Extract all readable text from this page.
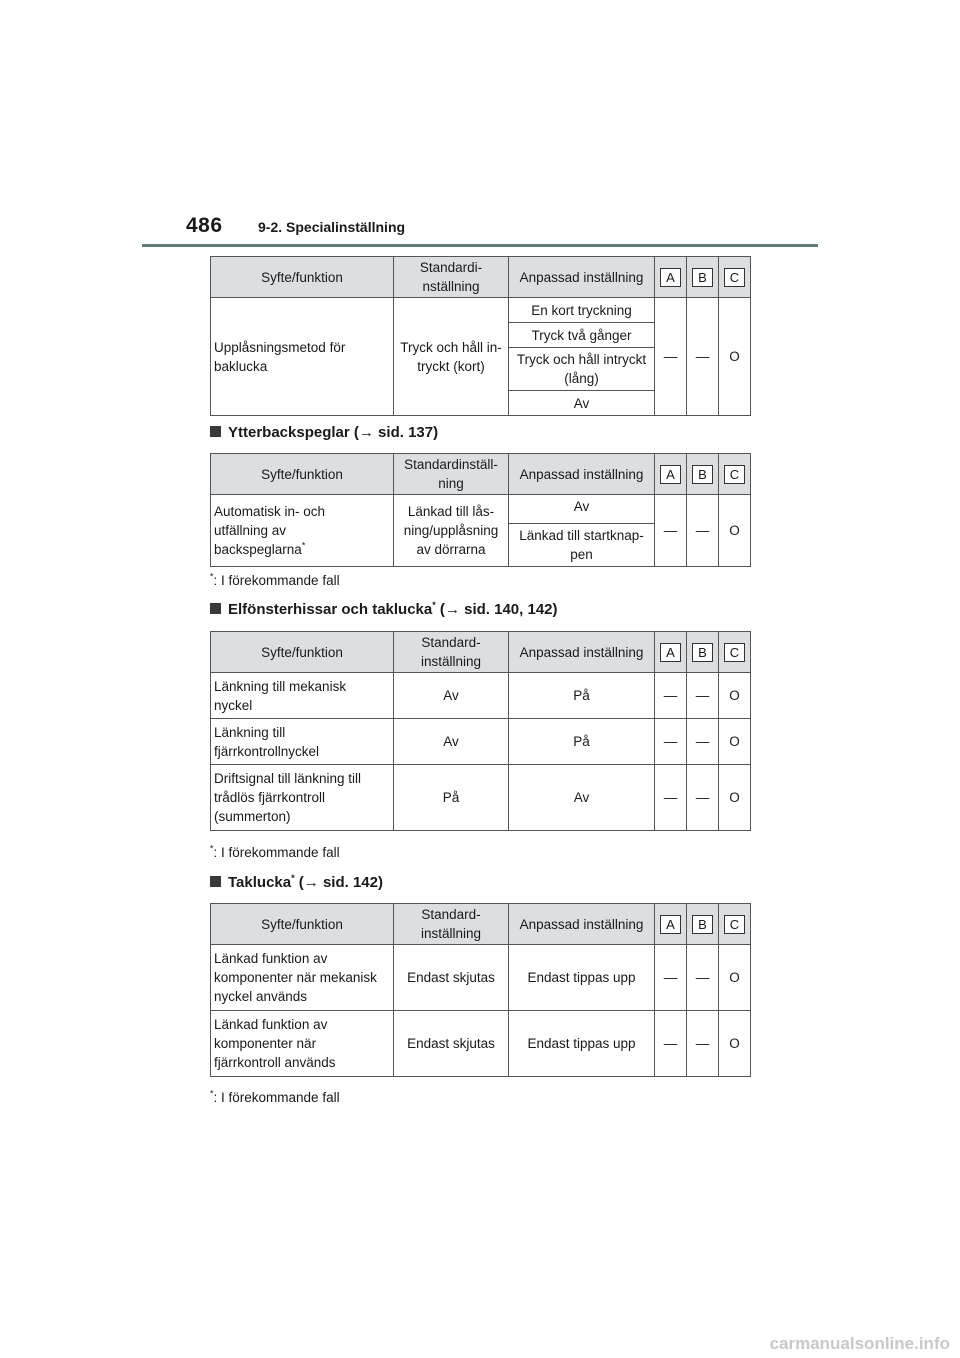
486	9-2. Specialinställning
Syfte/funktion	Standardi-
nställning	Anpassad inställning	A	B	C
Upplåsningsmetod för baklucka	Tryck och håll in-
tryckt (kort)	En kort tryckning	—	—	O
		Tryck två gånger			
		Tryck och håll intryckt
(lång)			
		Av			
Ytterbackspeglar (→ sid. 137)
Syfte/funktion	Standardinställ-
ning	Anpassad inställning	A	B	C
Automatisk in- och utfällning av backspeglarna*	Länkad till lås-
ning/upplåsning
av dörrarna	Av	—	—	O
		Länkad till startknap-
pen			
*: I förekommande fall
Elfönsterhissar och taklucka* (→ sid. 140, 142)
Syfte/funktion	Standard-
inställning	Anpassad inställning	A	B	C
Länkning till mekanisk nyckel	Av	På	—	—	O
Länkning till fjärrkontrollnyckel	Av	På	—	—	O
Driftsignal till länkning till trådlös fjärrkontroll (summerton)	På	Av	—	—	O
*: I förekommande fall
Taklucka* (→ sid. 142)
Syfte/funktion	Standard-
inställning	Anpassad inställning	A	B	C
Länkad funktion av komponenter när mekanisk nyckel används	Endast skjutas	Endast tippas upp	—	—	O
Länkad funktion av komponenter när fjärrkontroll används	Endast skjutas	Endast tippas upp	—	—	O
*: I förekommande fall
carmanualsonline.info
